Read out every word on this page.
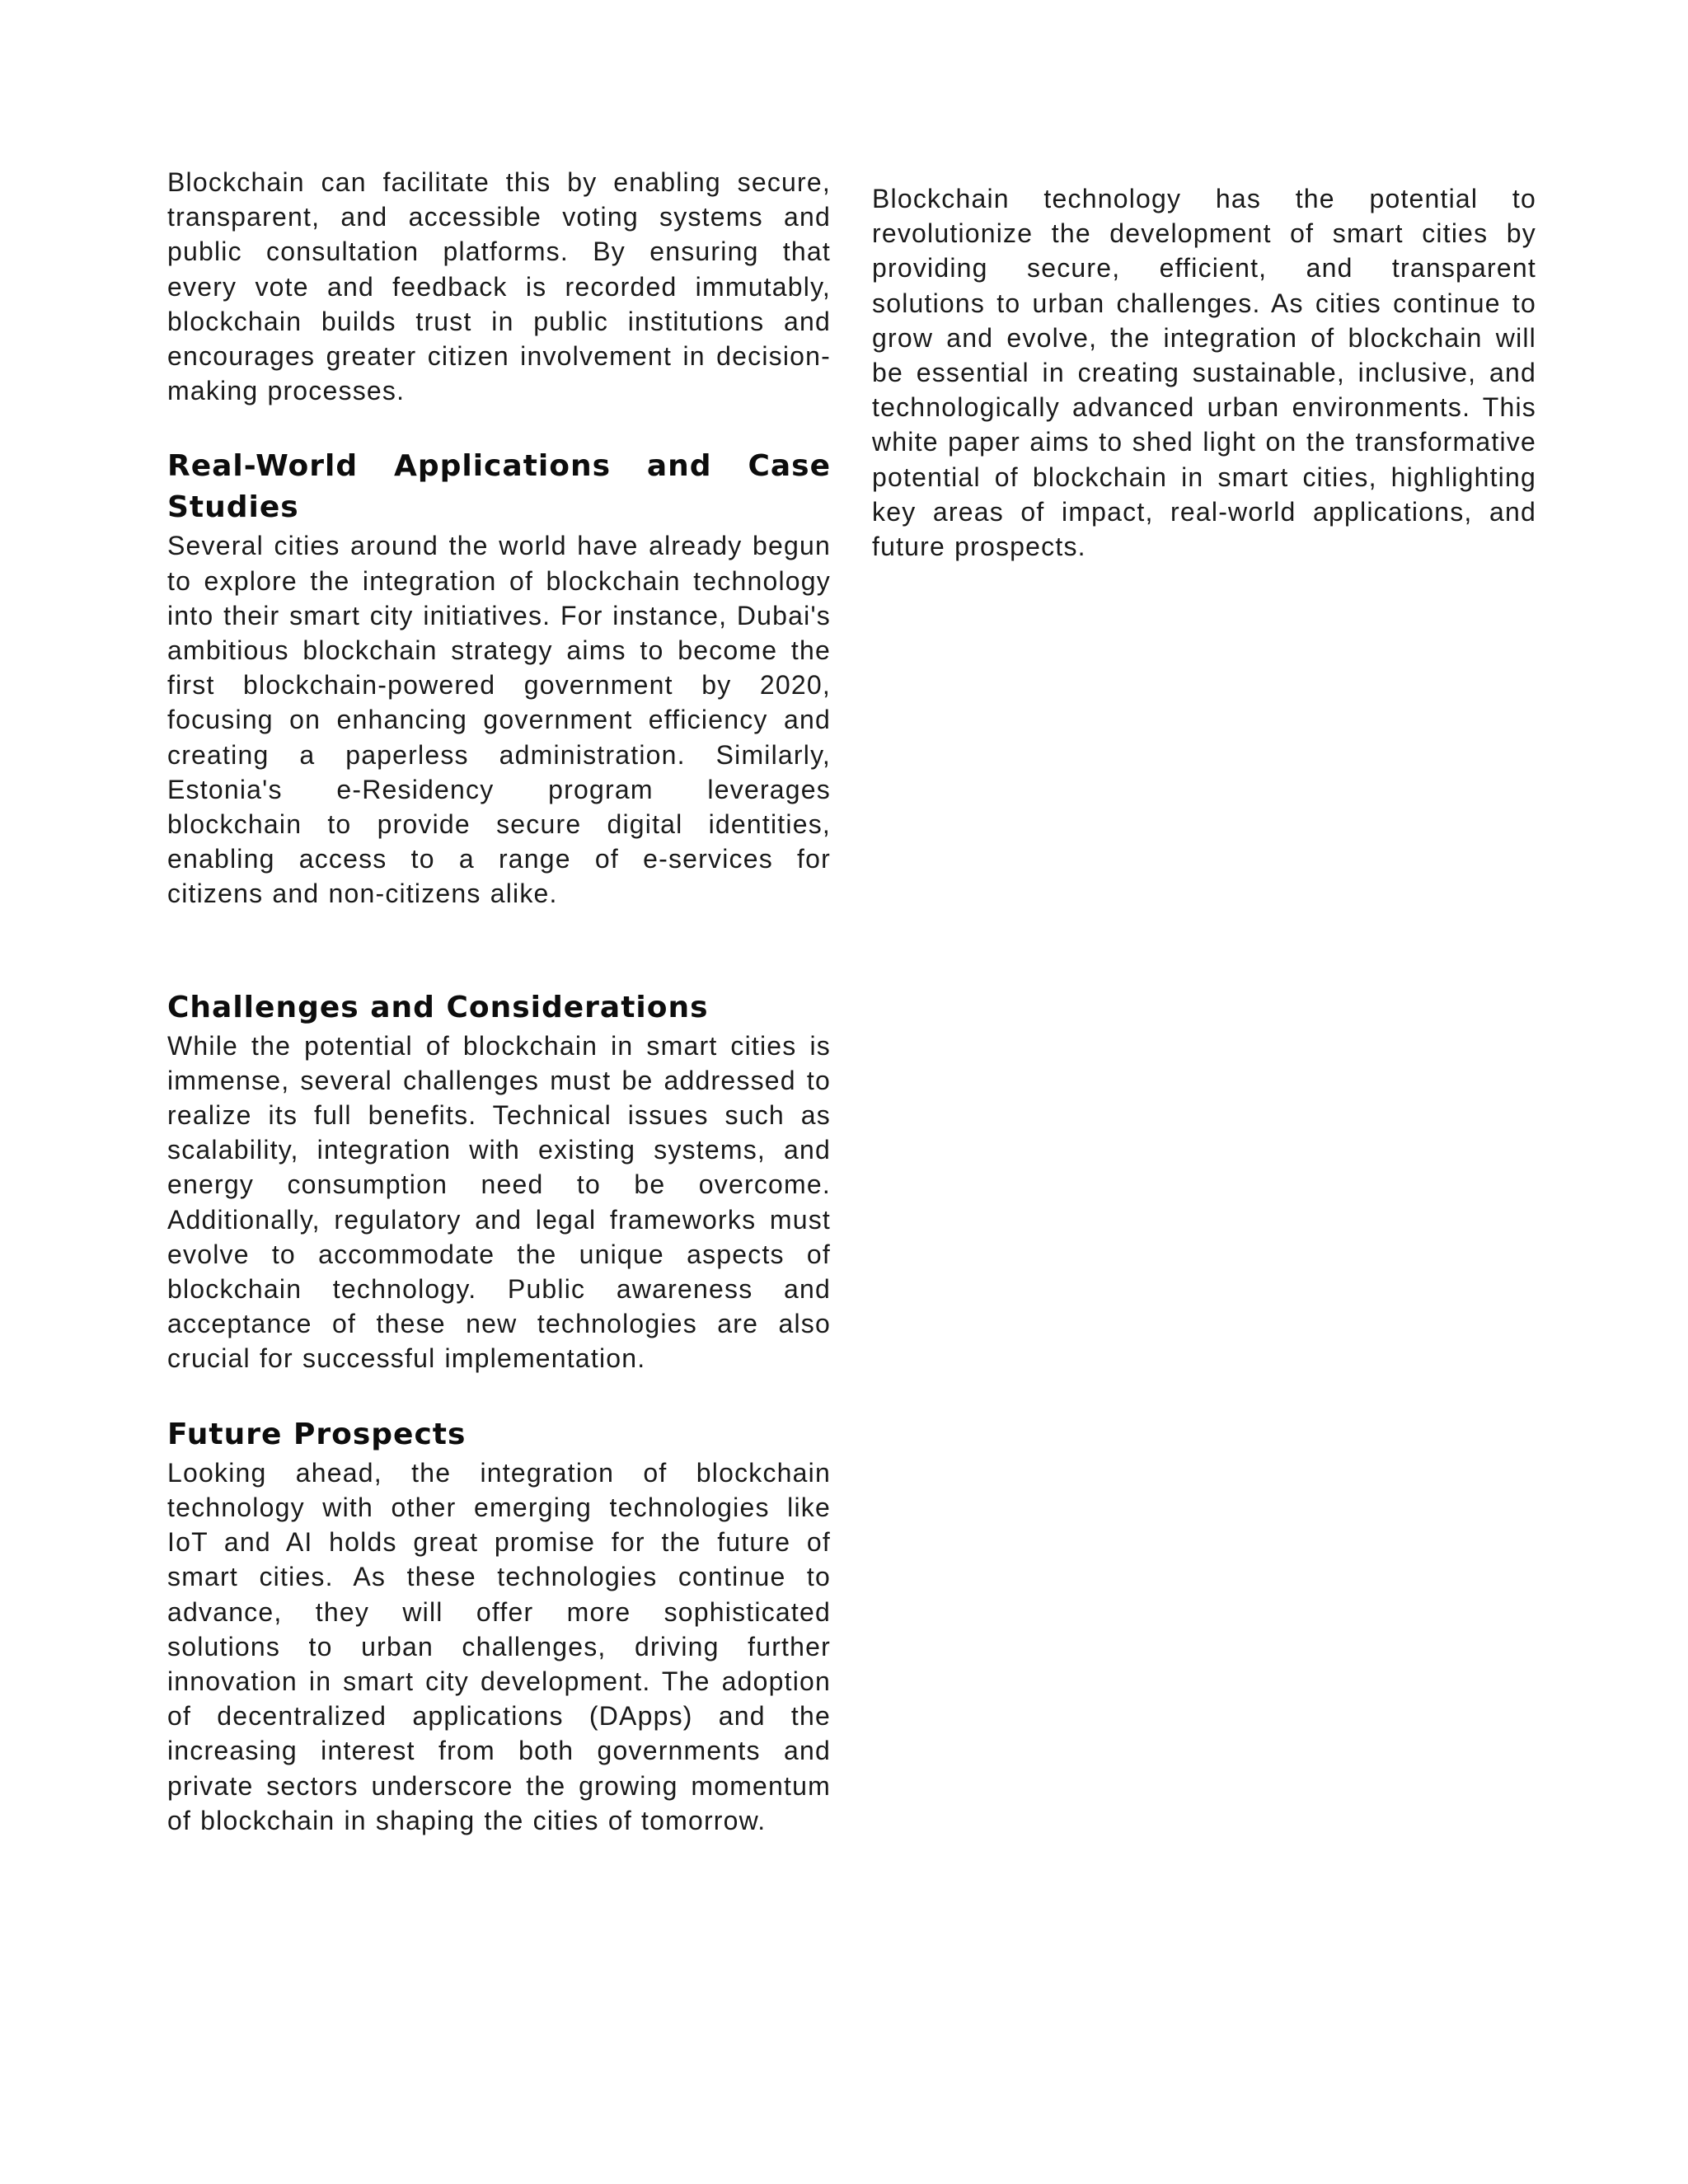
Blockchain can facilitate this by enabling secure, transparent, and accessible voting systems and public consultation platforms. By ensuring that every vote and feedback is recorded immutably, blockchain builds trust in public institutions and encourages greater citizen involvement in decision-making processes.

Real-World Applications and Case Studies

Several cities around the world have already begun to explore the integration of blockchain technology into their smart city initiatives. For instance, Dubai's ambitious blockchain strategy aims to become the first blockchain-powered government by 2020, focusing on enhancing government efficiency and creating a paperless administration. Similarly, Estonia's e-Residency program leverages blockchain to provide secure digital identities, enabling access to a range of e-services for citizens and non-citizens alike.

Challenges and Considerations

While the potential of blockchain in smart cities is immense, several challenges must be addressed to realize its full benefits. Technical issues such as scalability, integration with existing systems, and energy consumption need to be overcome. Additionally, regulatory and legal frameworks must evolve to accommodate the unique aspects of blockchain technology. Public awareness and acceptance of these new technologies are also crucial for successful implementation.

Future Prospects

Looking ahead, the integration of blockchain technology with other emerging technologies like IoT and AI holds great promise for the future of smart cities. As these technologies continue to advance, they will offer more sophisticated solutions to urban challenges, driving further innovation in smart city development. The adoption of decentralized applications (DApps) and the increasing interest from both governments and private sectors underscore the growing momentum of blockchain in shaping the cities of tomorrow.

Blockchain technology has the potential to revolutionize the development of smart cities by providing secure, efficient, and transparent solutions to urban challenges. As cities continue to grow and evolve, the integration of blockchain will be essential in creating sustainable, inclusive, and technologically advanced urban environments. This white paper aims to shed light on the transformative potential of blockchain in smart cities, highlighting key areas of impact, real-world applications, and future prospects.
